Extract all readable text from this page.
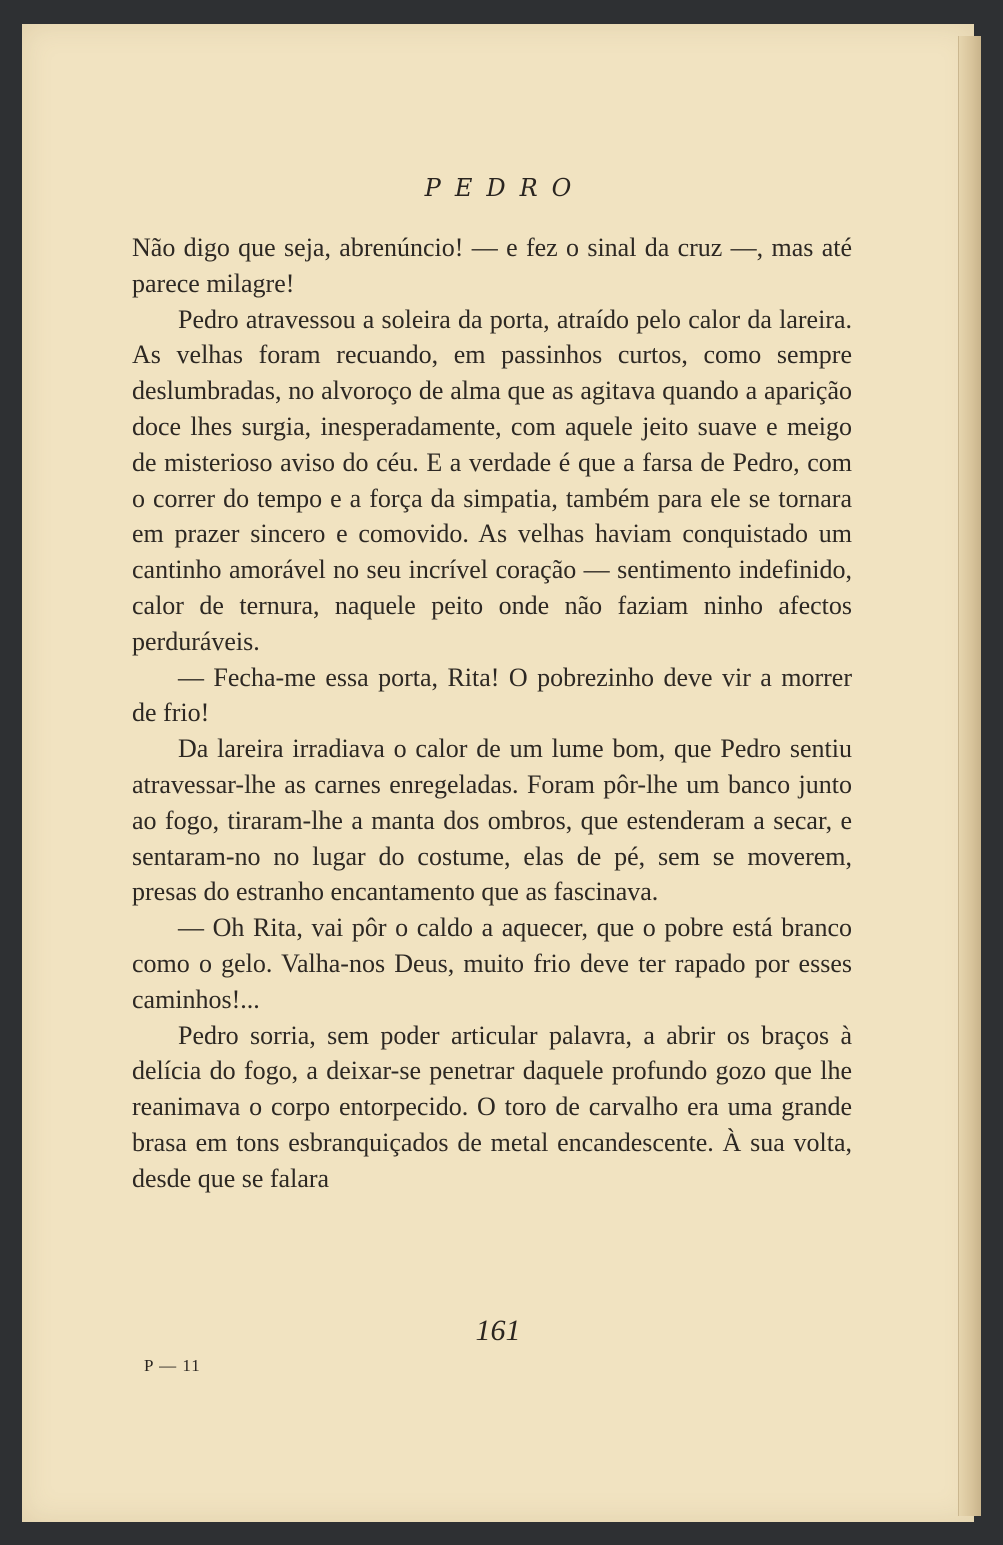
PEDRO

Não digo que seja, abrenúncio! — e fez o sinal da cruz —, mas até parece milagre!

Pedro atravessou a soleira da porta, atraído pelo calor da lareira. As velhas foram recuando, em passinhos curtos, como sempre deslumbradas, no alvoroço de alma que as agitava quando a aparição doce lhes surgia, inesperadamente, com aquele jeito suave e meigo de misterioso aviso do céu. E a verdade é que a farsa de Pedro, com o correr do tempo e a força da simpatia, também para ele se tornara em prazer sincero e comovido. As velhas haviam conquistado um cantinho amorável no seu incrível coração — sentimento indefinido, calor de ternura, naquele peito onde não faziam ninho afectos perduráveis.

— Fecha-me essa porta, Rita! O pobrezinho deve vir a morrer de frio!

Da lareira irradiava o calor de um lume bom, que Pedro sentiu atravessar-lhe as carnes enregeladas. Foram pôr-lhe um banco junto ao fogo, tiraram-lhe a manta dos ombros, que estenderam a secar, e sentaram-no no lugar do costume, elas de pé, sem se moverem, presas do estranho encantamento que as fascinava.

— Oh Rita, vai pôr o caldo a aquecer, que o pobre está branco como o gelo. Valha-nos Deus, muito frio deve ter rapado por esses caminhos!...

Pedro sorria, sem poder articular palavra, a abrir os braços à delícia do fogo, a deixar-se penetrar daquele profundo gozo que lhe reanimava o corpo entorpecido. O toro de carvalho era uma grande brasa em tons esbranquiçados de metal encandescente. À sua volta, desde que se falara

161
P — 11
